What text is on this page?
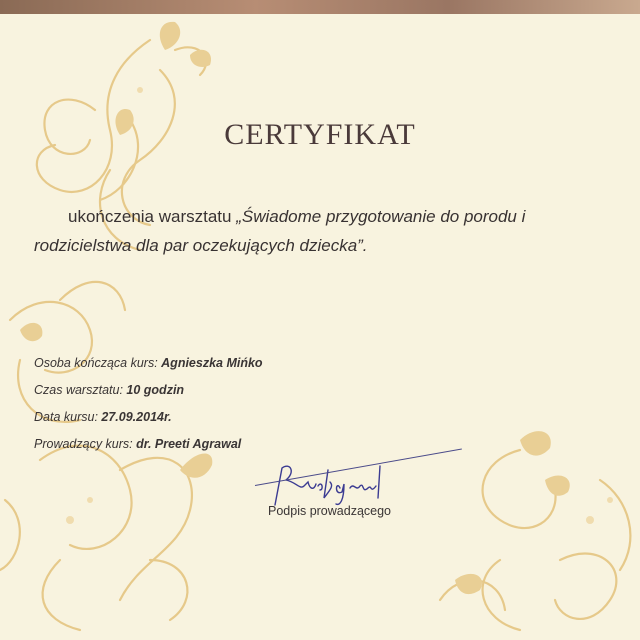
CERTYFIKAT
ukończenia warsztatu „Świadome przygotowanie do porodu i
rodzicielstwa dla par oczekujących dziecka”.
Osoba kończąca kurs: Agnieszka Mińko
Czas warsztatu: 10 godzin
Data kursu: 27.09.2014r.
Prowadzący kurs: dr. Preeti Agrawal
Podpis prowadzącego
